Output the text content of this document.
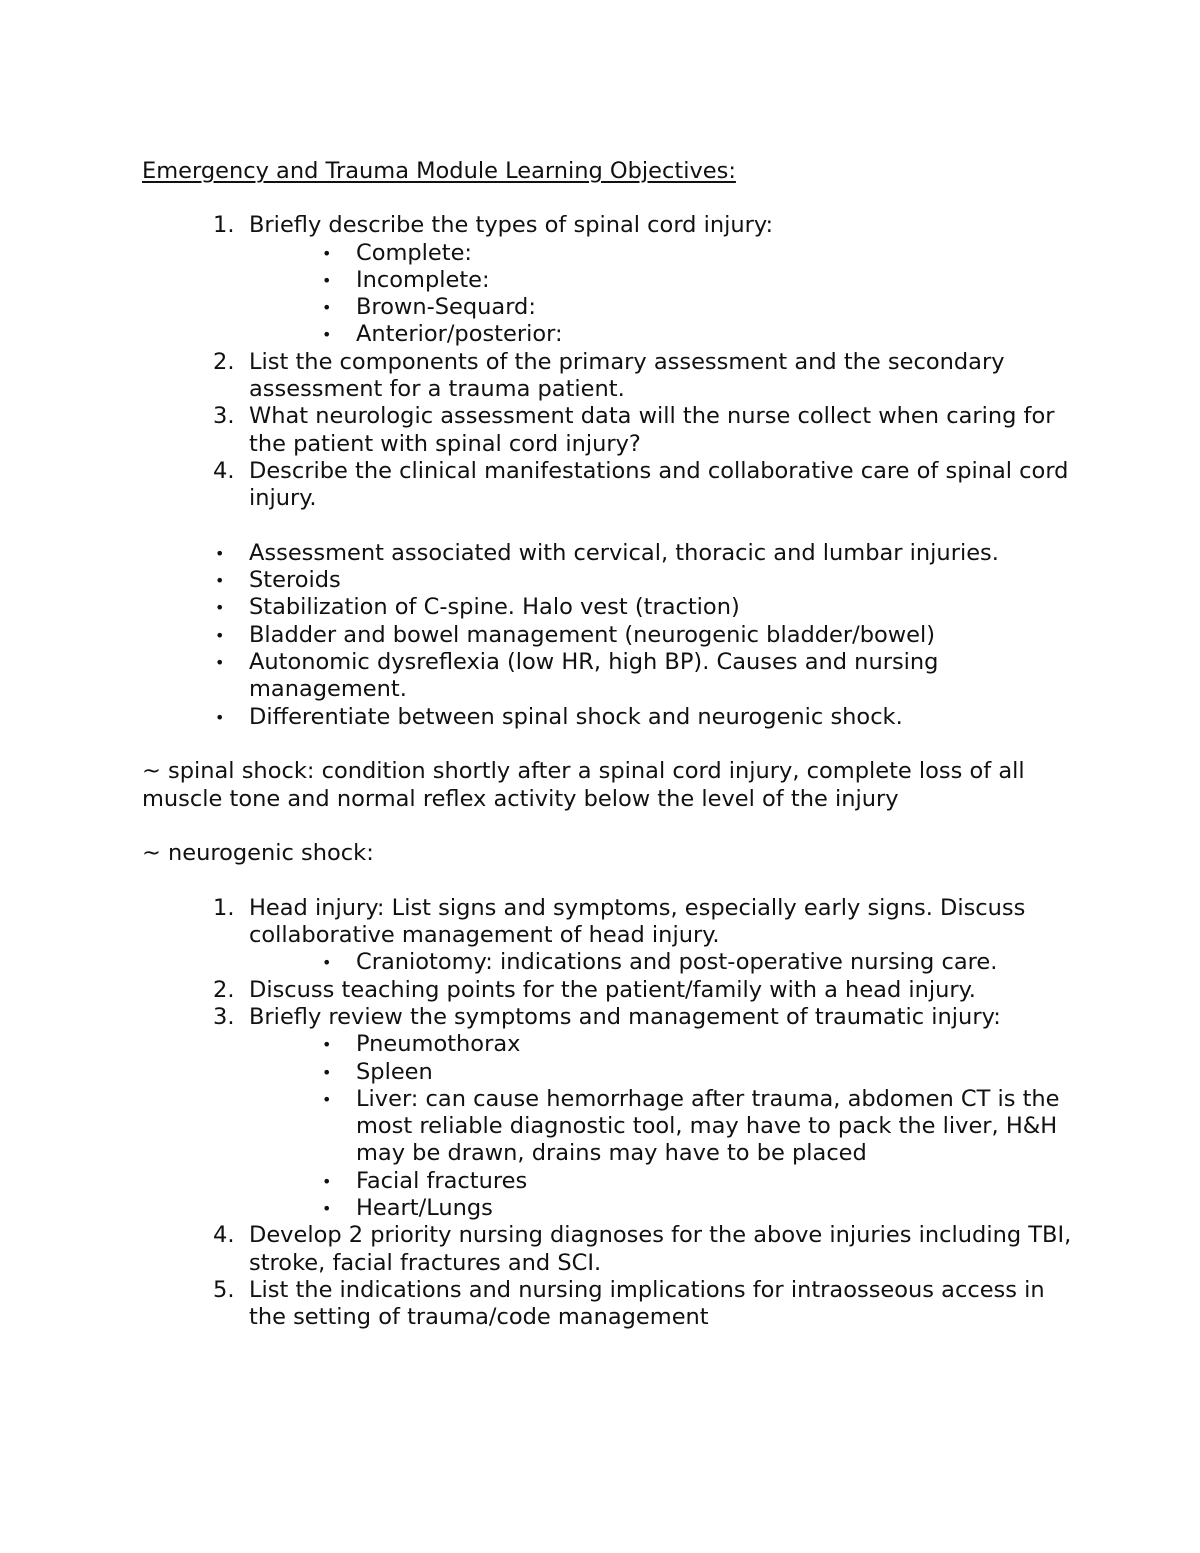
Emergency and Trauma Module Learning Objectives:
1. Briefly describe the types of spinal cord injury:
• Complete:
• Incomplete:
• Brown-Sequard:
• Anterior/posterior:
2. List the components of the primary assessment and the secondary assessment for a trauma patient.
3. What neurologic assessment data will the nurse collect when caring for the patient with spinal cord injury?
4. Describe the clinical manifestations and collaborative care of spinal cord injury.
• Assessment associated with cervical, thoracic and lumbar injuries.
• Steroids
• Stabilization of C-spine. Halo vest (traction)
• Bladder and bowel management (neurogenic bladder/bowel)
• Autonomic dysreflexia (low HR, high BP). Causes and nursing management.
• Differentiate between spinal shock and neurogenic shock.

~ spinal shock: condition shortly after a spinal cord injury, complete loss of all muscle tone and normal reflex activity below the level of the injury

~ neurogenic shock:

1. Head injury: List signs and symptoms, especially early signs. Discuss collaborative management of head injury.
• Craniotomy: indications and post-operative nursing care.
2. Discuss teaching points for the patient/family with a head injury.
3. Briefly review the symptoms and management of traumatic injury:
• Pneumothorax
• Spleen
• Liver: can cause hemorrhage after trauma, abdomen CT is the most reliable diagnostic tool, may have to pack the liver, H&H may be drawn, drains may have to be placed
• Facial fractures
• Heart/Lungs
4. Develop 2 priority nursing diagnoses for the above injuries including TBI, stroke, facial fractures and SCI.
5. List the indications and nursing implications for intraosseous access in the setting of trauma/code management
